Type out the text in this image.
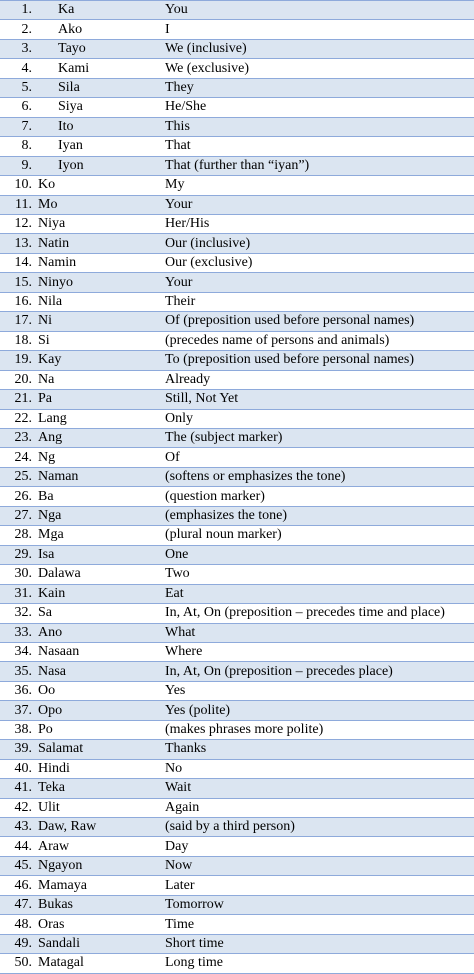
1. Ka	You
2. Ako	I
3. Tayo	We (inclusive)
4. Kami	We (exclusive)
5. Sila	They
6. Siya	He/She
7. Ito	This
8. Iyan	That
9. Iyon	That (further than “iyan”)
10. Ko	My
11. Mo	Your
12. Niya	Her/His
13. Natin	Our (inclusive)
14. Namin	Our (exclusive)
15. Ninyo	Your
16. Nila	Their
17. Ni	Of (preposition used before personal names)
18. Si	(precedes name of persons and animals)
19. Kay	To (preposition used before personal names)
20. Na	Already
21. Pa	Still, Not Yet
22. Lang	Only
23. Ang	The (subject marker)
24. Ng	Of
25. Naman	(softens or emphasizes the tone)
26. Ba	(question marker)
27. Nga	(emphasizes the tone)
28. Mga	(plural noun marker)
29. Isa	One
30. Dalawa	Two
31. Kain	Eat
32. Sa	In, At, On (preposition – precedes time and place)
33. Ano	What
34. Nasaan	Where
35. Nasa	In, At, On (preposition – precedes place)
36. Oo	Yes
37. Opo	Yes (polite)
38. Po	(makes phrases more polite)
39. Salamat	Thanks
40. Hindi	No
41. Teka	Wait
42. Ulit	Again
43. Daw, Raw	(said by a third person)
44. Araw	Day
45. Ngayon	Now
46. Mamaya	Later
47. Bukas	Tomorrow
48. Oras	Time
49. Sandali	Short time
50. Matagal	Long time
